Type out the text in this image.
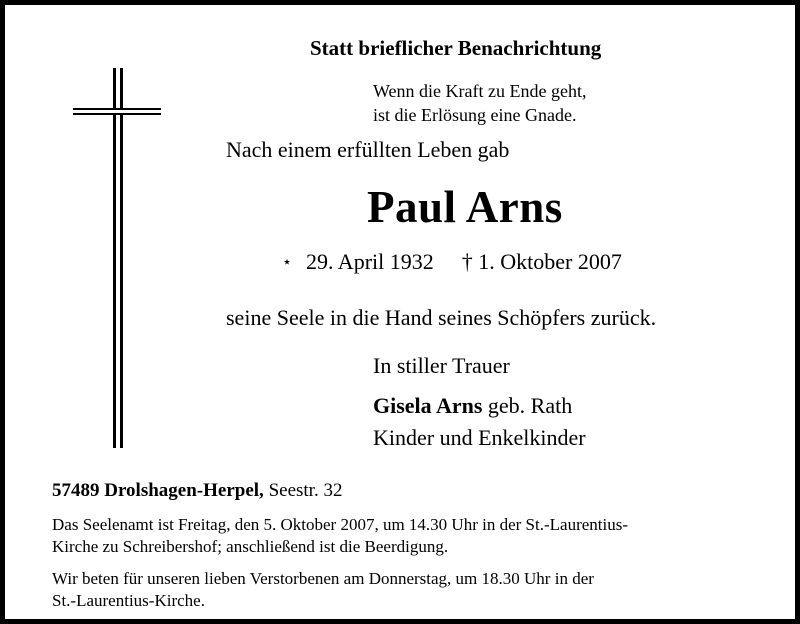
Statt brieflicher Benachrichtung
Wenn die Kraft zu Ende geht,
ist die Erlösung eine Gnade.
Nach einem erfüllten Leben gab
Paul Arns
⋆ 29. April 1932 † 1. Oktober 2007
seine Seele in die Hand seines Schöpfers zurück.
In stiller Trauer
Gisela Arns geb. Rath
Kinder und Enkelkinder
57489 Drolshagen-Herpel, Seestr. 32
Das Seelenamt ist Freitag, den 5. Oktober 2007, um 14.30 Uhr in der St.-Laurentius-
Kirche zu Schreibershof; anschließend ist die Beerdigung.
Wir beten für unseren lieben Verstorbenen am Donnerstag, um 18.30 Uhr in der
St.-Laurentius-Kirche.
